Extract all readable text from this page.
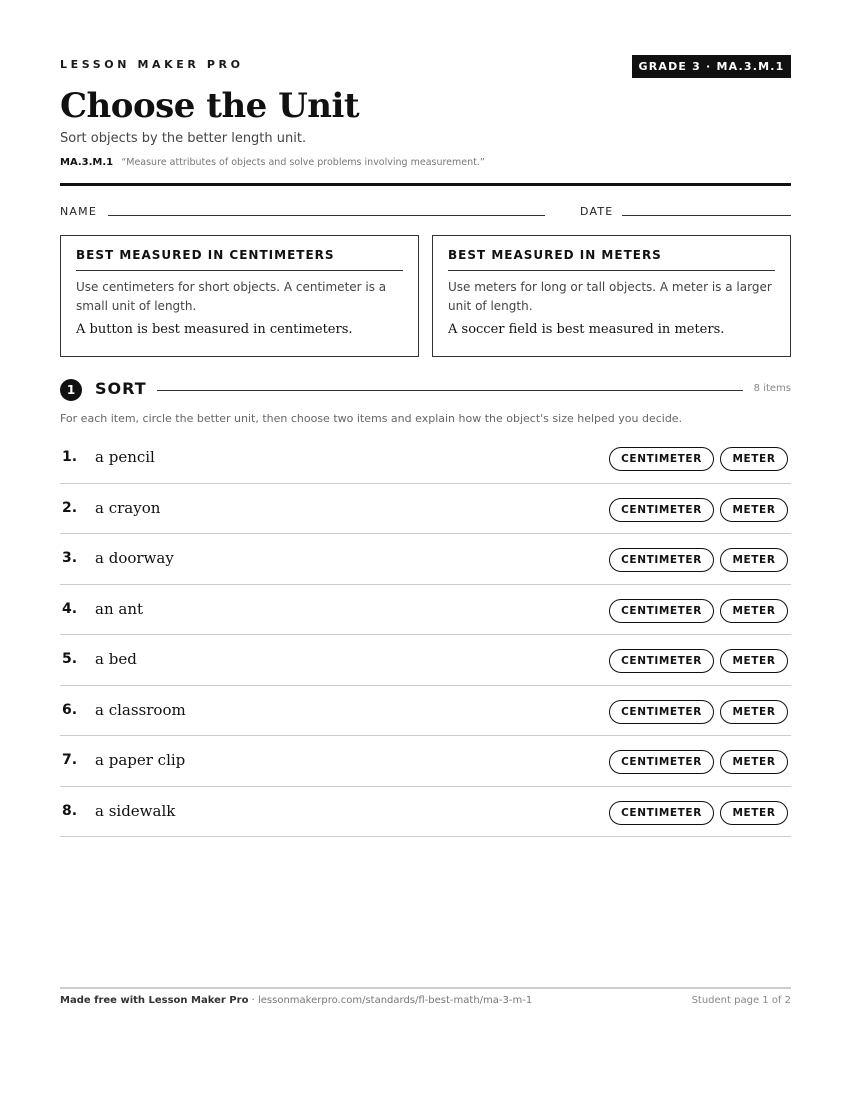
LESSON MAKER PRO	GRADE 3 · MA.3.M.1
Choose the Unit
Sort objects by the better length unit.
MA.3.M.1 “Measure attributes of objects and solve problems involving measurement.”
NAME	DATE
BEST MEASURED IN CENTIMETERS
Use centimeters for short objects. A centimeter is a small unit of length.
A button is best measured in centimeters.
BEST MEASURED IN METERS
Use meters for long or tall objects. A meter is a larger unit of length.
A soccer field is best measured in meters.
1	SORT	8 items
For each item, circle the better unit, then choose two items and explain how the object's size helped you decide.
1. a pencil	CENTIMETER	METER
2. a crayon	CENTIMETER	METER
3. a doorway	CENTIMETER	METER
4. an ant	CENTIMETER	METER
5. a bed	CENTIMETER	METER
6. a classroom	CENTIMETER	METER
7. a paper clip	CENTIMETER	METER
8. a sidewalk	CENTIMETER	METER
Made free with Lesson Maker Pro · lessonmakerpro.com/standards/fl-best-math/ma-3-m-1	Student page 1 of 2
